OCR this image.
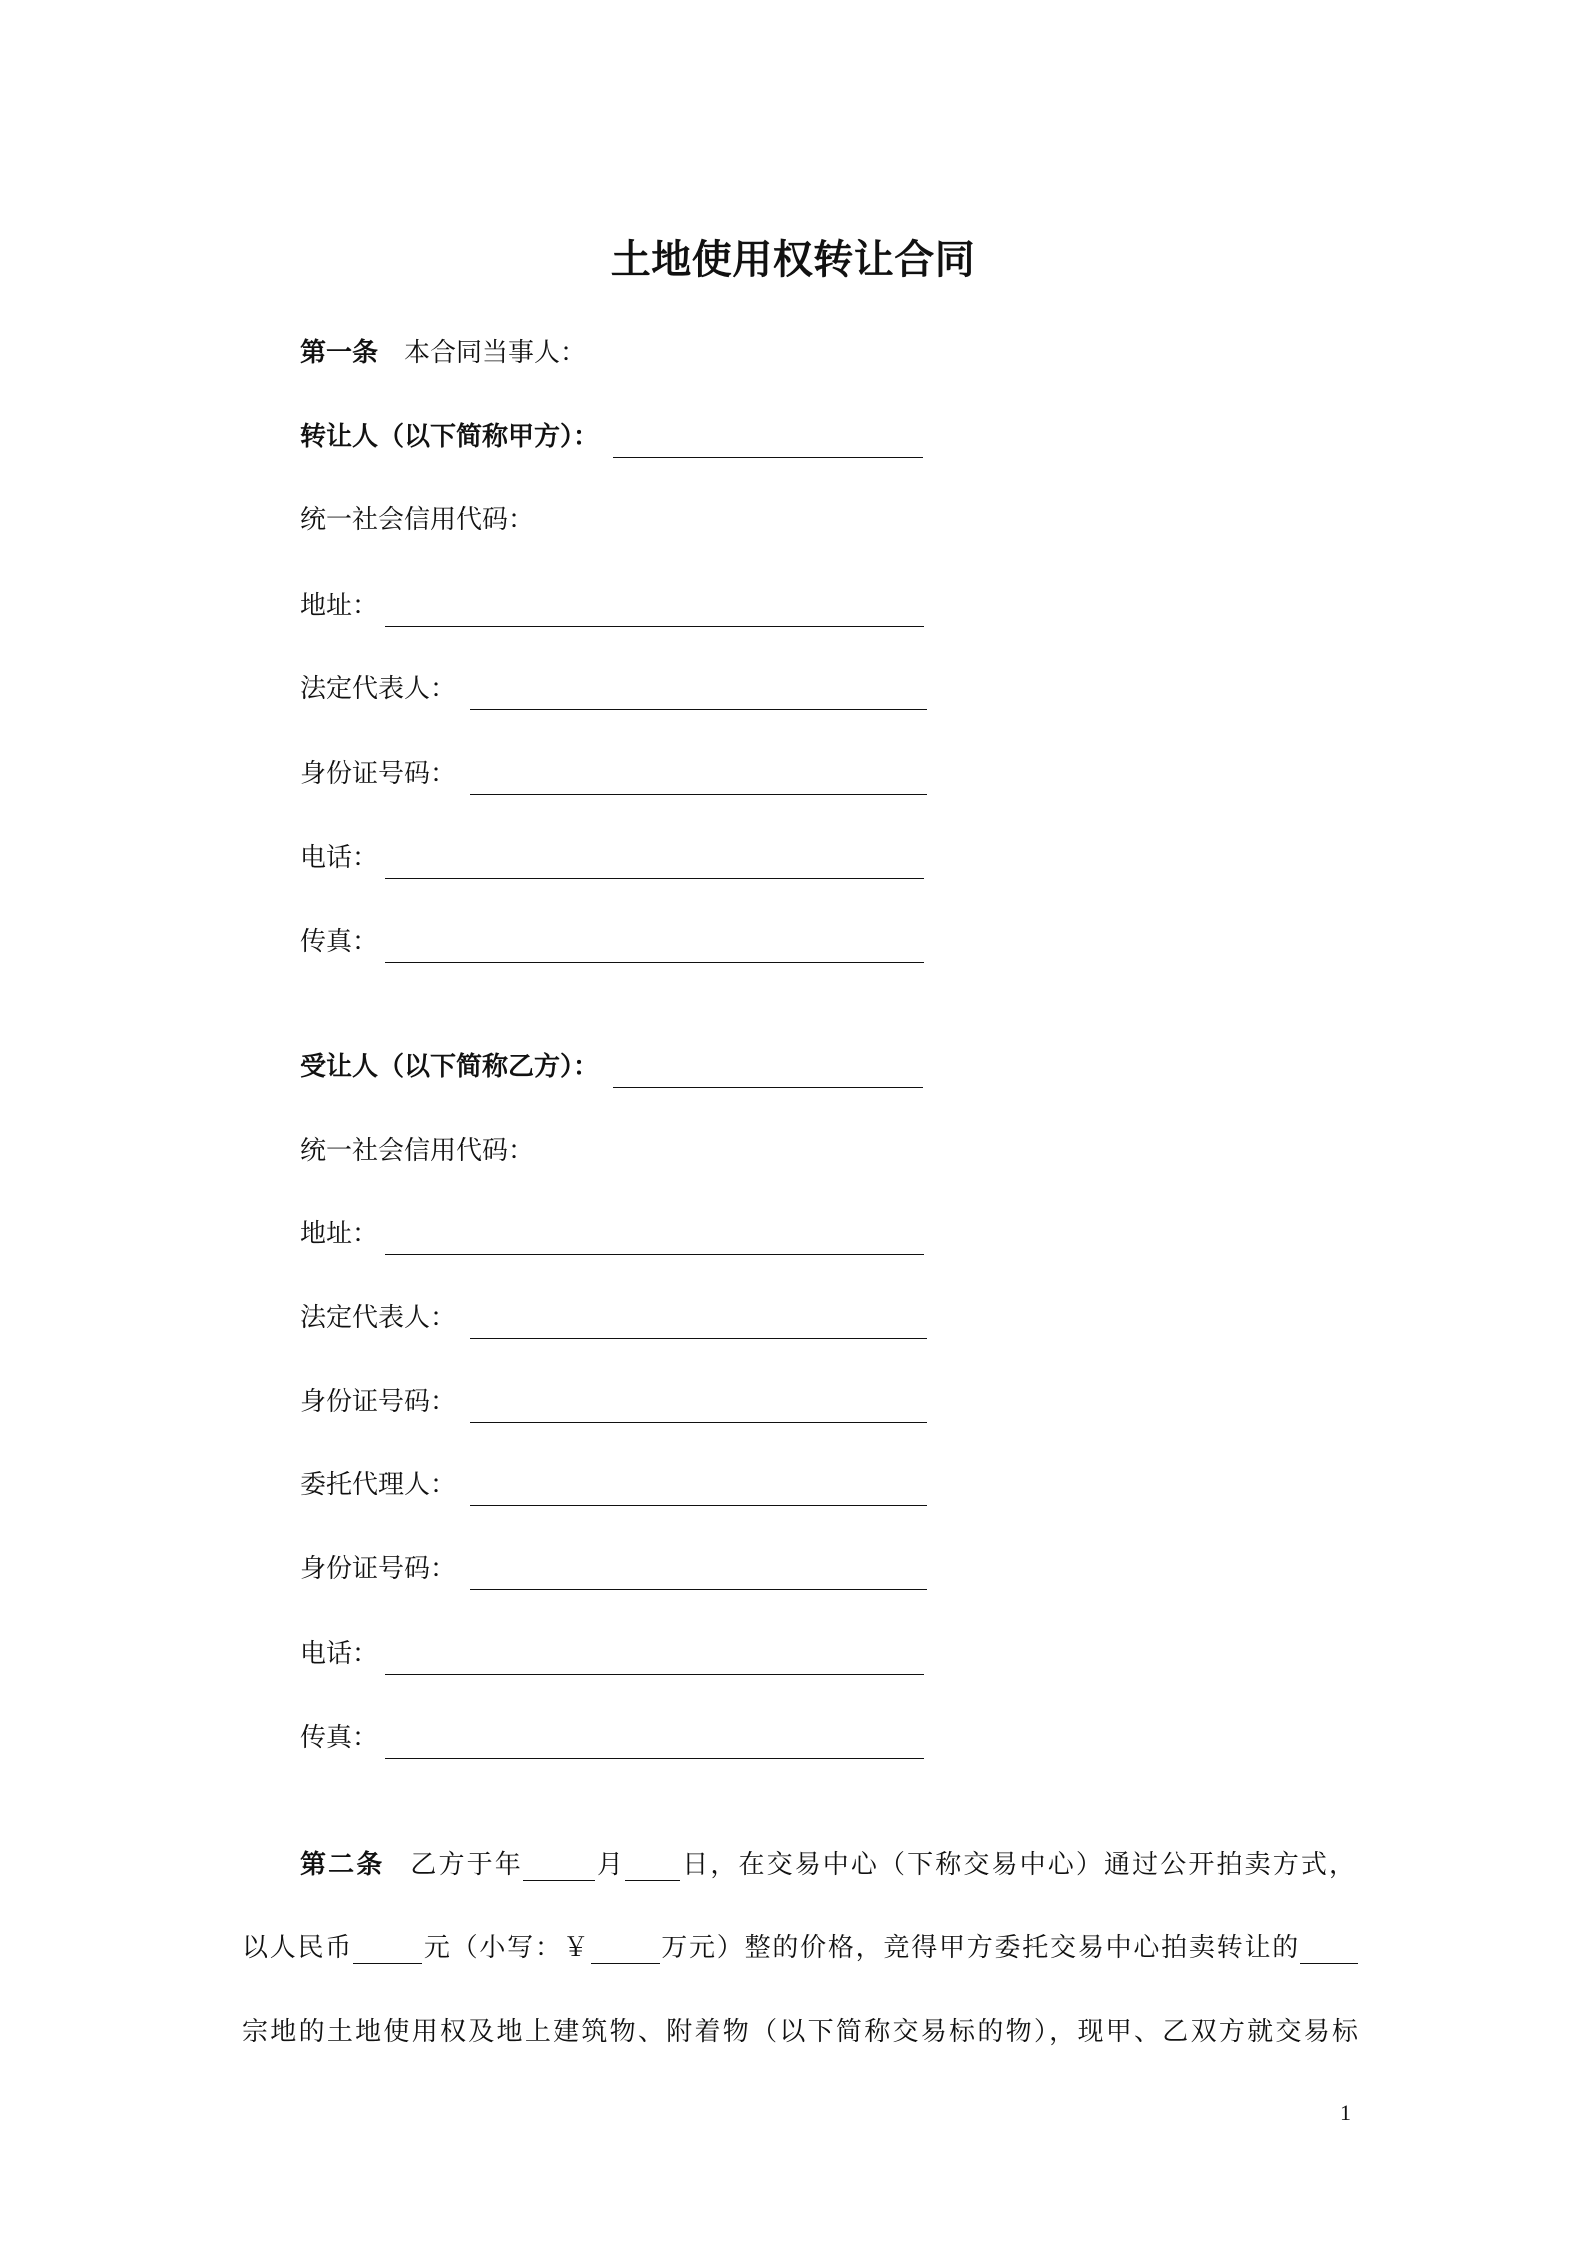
土地使用权转让合同
第一条 本合同当事人：
转让人（以下简称甲方）：
统一社会信用代码：
地址：
法定代表人：
身份证号码：
电话：
传真：
受让人（以下简称乙方）：
统一社会信用代码：
地址：
法定代表人：
身份证号码：
委托代理人：
身份证号码：
电话：
传真：
第二条 乙方于年	月 日，在交易中心（下称交易中心）通过公开拍卖方式，
以人民币	元（小写：￥	万元）整的价格，竞得甲方委托交易中心拍卖转让的
宗地的土地使用权及地上建筑物、附着物（以下简称交易标的物），现甲、乙双方就交易标
1
